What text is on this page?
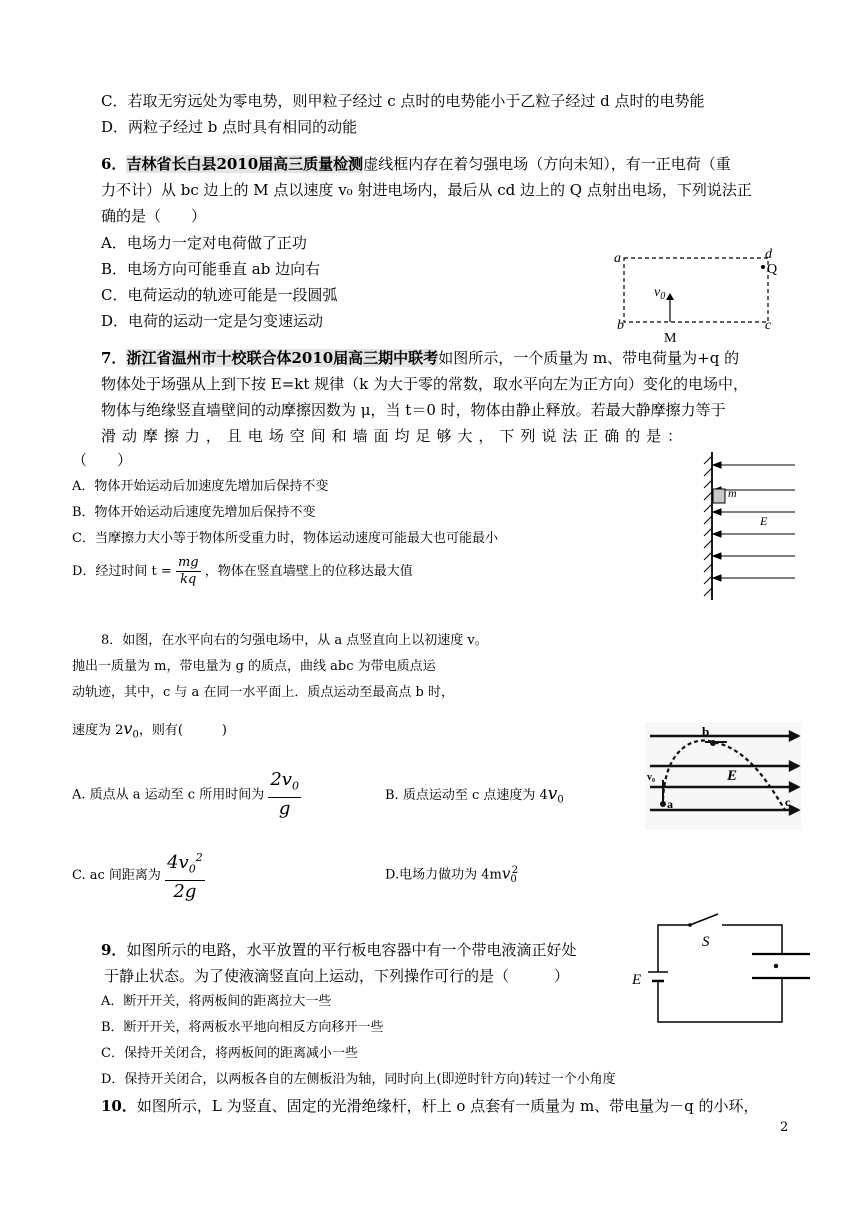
C．若取无穷远处为零电势，则甲粒子经过 c 点时的电势能小于乙粒子经过 d 点时的电势能
D．两粒子经过 b 点时具有相同的动能
6．吉林省长白县2010届高三质量检测虚线框内存在着匀强电场（方向未知），有一正电荷（重
力不计）从 bc 边上的 M 点以速度 v₀ 射进电场内，最后从 cd 边上的 Q 点射出电场，下列说法正
确的是（　　）
A．电场力一定对电荷做了正功
B．电场方向可能垂直 ab 边向右
C．电荷运动的轨迹可能是一段圆弧
D．电荷的运动一定是匀变速运动
a	d
Q
$v_0$
b	c
M
7．浙江省温州市十校联合体2010届高三期中联考如图所示，一个质量为 m、带电荷量为+q 的
物体处于场强从上到下按 E=kt 规律（k 为大于零的常数，取水平向左为正方向）变化的电场中，
物体与绝缘竖直墙壁间的动摩擦因数为 μ，当 t＝0 时，物体由静止释放。若最大静摩擦力等于
滑 动 摩 擦 力 ， 且 电 场 空 间 和 墙 面 均 足 够 大 ， 下 列 说 法 正 确 的 是 ：
（　　）
A．物体开始运动后加速度先增加后保持不变
B．物体开始运动后速度先增加后保持不变
C．当摩擦力大小等于物体所受重力时，物体运动速度可能最大也可能最小
D．经过时间 $t = \frac{mg}{kq}$ ，物体在竖直墙壁上的位移达最大值
m
E
8．如图，在水平向右的匀强电场中，从 a 点竖直向上以初速度 v。
抛出一质量为 m，带电量为 g 的质点，曲线 abc 为带电质点运
动轨迹，其中，c 与 a 在同一水平面上．质点运动至最高点 b 时，
速度为 $2v_0$，则有(　　　)
A. 质点从 a 运动至 c 所用时间为 $\frac{2v_0}{g}$	B. 质点运动至 c 点速度为 $4v_0$
C. ac 间距离为 $\frac{4v_0^2}{2g}$	D.电场力做功为 $4mv_0^2$
b
E
v₀
a	c
9．如图所示的电路，水平放置的平行板电容器中有一个带电液滴正好处
于静止状态。为了使液滴竖直向上运动，下列操作可行的是（　　　）
A．断开开关，将两板间的距离拉大一些
B．断开开关，将两板水平地向相反方向移开一些
C．保持开关闭合，将两板间的距离减小一些
D．保持开关闭合，以两板各自的左侧板沿为轴，同时向上(即逆时针方向)转过一个小角度
S
E
10．如图所示，L 为竖直、固定的光滑绝缘杆，杆上 o 点套有一质量为 m、带电量为－q 的小环，
2
